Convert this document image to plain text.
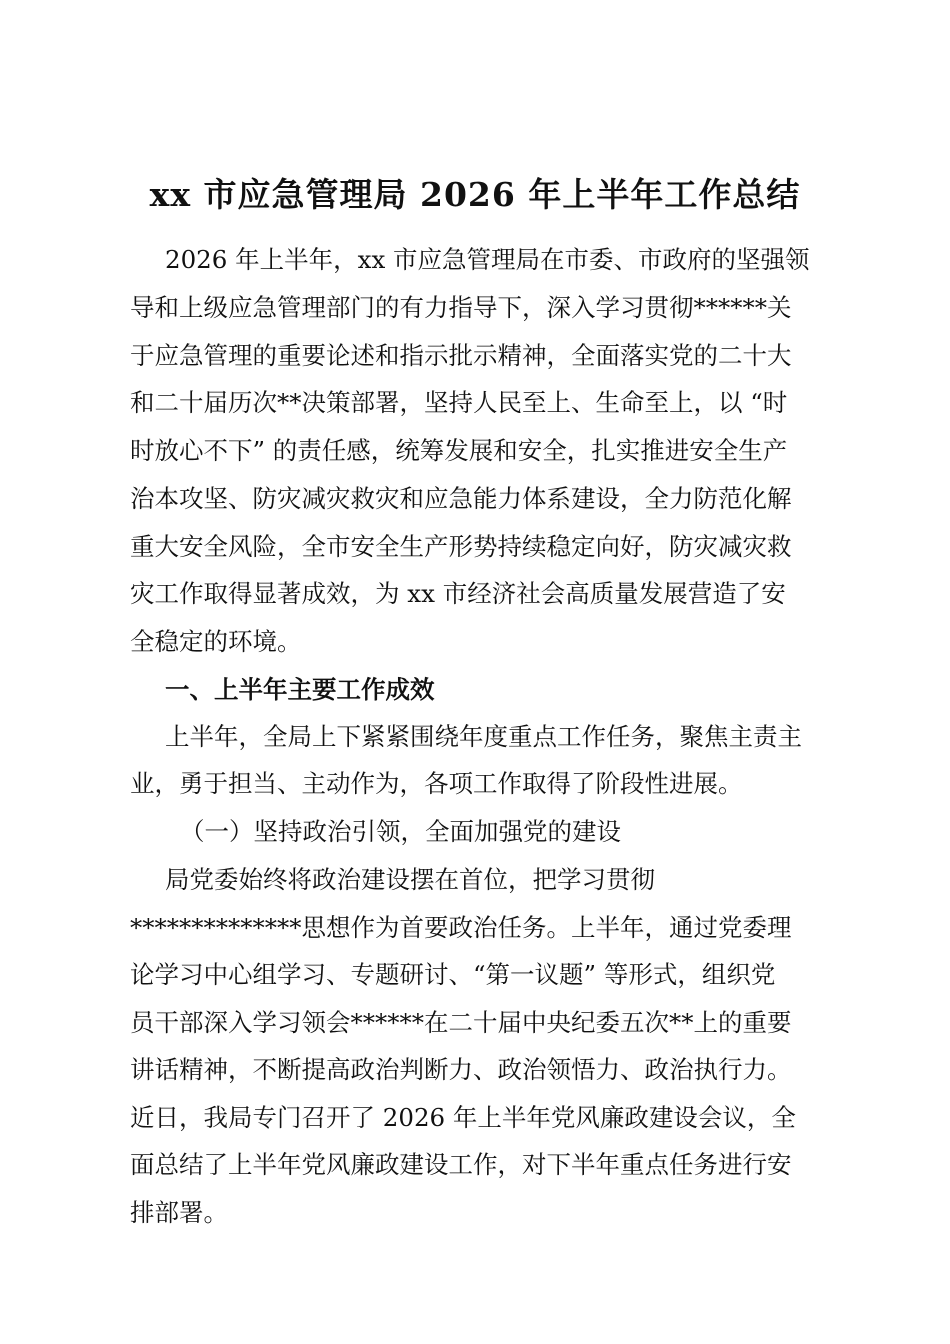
xx 市应急管理局 2026 年上半年工作总结
2026 年上半年，xx 市应急管理局在市委、市政府的坚强领
导和上级应急管理部门的有力指导下，深入学习贯彻******关
于应急管理的重要论述和指示批示精神，全面落实党的二十大
和二十届历次**决策部署，坚持人民至上、生命至上，以 “时
时放心不下” 的责任感，统筹发展和安全，扎实推进安全生产
治本攻坚、防灾减灾救灾和应急能力体系建设，全力防范化解
重大安全风险，全市安全生产形势持续稳定向好，防灾减灾救
灾工作取得显著成效，为 xx 市经济社会高质量发展营造了安
全稳定的环境。
一、上半年主要工作成效
上半年，全局上下紧紧围绕年度重点工作任务，聚焦主责主
业，勇于担当、主动作为，各项工作取得了阶段性进展。
（一）坚持政治引领，全面加强党的建设
局党委始终将政治建设摆在首位，把学习贯彻
**************思想作为首要政治任务。上半年，通过党委理
论学习中心组学习、专题研讨、“第一议题” 等形式，组织党
员干部深入学习领会******在二十届中央纪委五次**上的重要
讲话精神，不断提高政治判断力、政治领悟力、政治执行力。
近日，我局专门召开了 2026 年上半年党风廉政建设会议，全
面总结了上半年党风廉政建设工作，对下半年重点任务进行安
排部署。
